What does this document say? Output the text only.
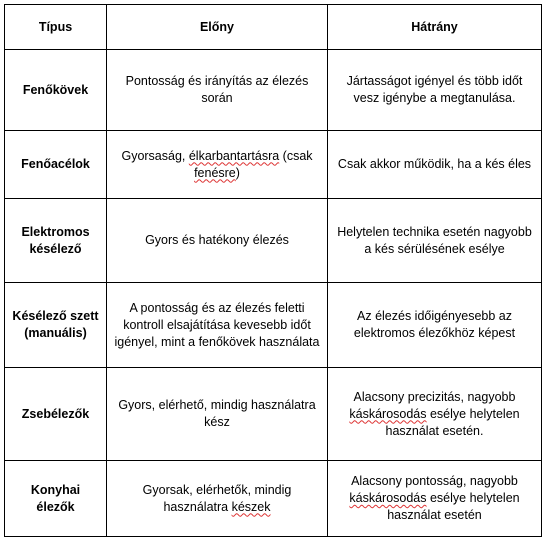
Típus	Előny	Hátrány
Fenőkövek	Pontosság és irányítás az élezés során	Jártasságot igényel és több időt vesz igénybe a megtanulása.
Fenőacélok	Gyorsaság, élkarbantartásra (csak fenésre)	Csak akkor működik, ha a kés éles
Elektromos késélező	Gyors és hatékony élezés	Helytelen technika esetén nagyobb a kés sérülésének esélye
Késélező szett (manuális)	A pontosság és az élezés feletti kontroll elsajátítása kevesebb időt igényel, mint a fenőkövek használata	Az élezés időigényesebb az elektromos élezőkhöz képest
Zsebélezők	Gyors, elérhető, mindig használatra kész	Alacsony precizitás, nagyobb káskárosodás esélye helytelen használat esetén.
Konyhai élezők	Gyorsak, elérhetők, mindig használatra készek	Alacsony pontosság, nagyobb káskárosodás esélye helytelen használat esetén
